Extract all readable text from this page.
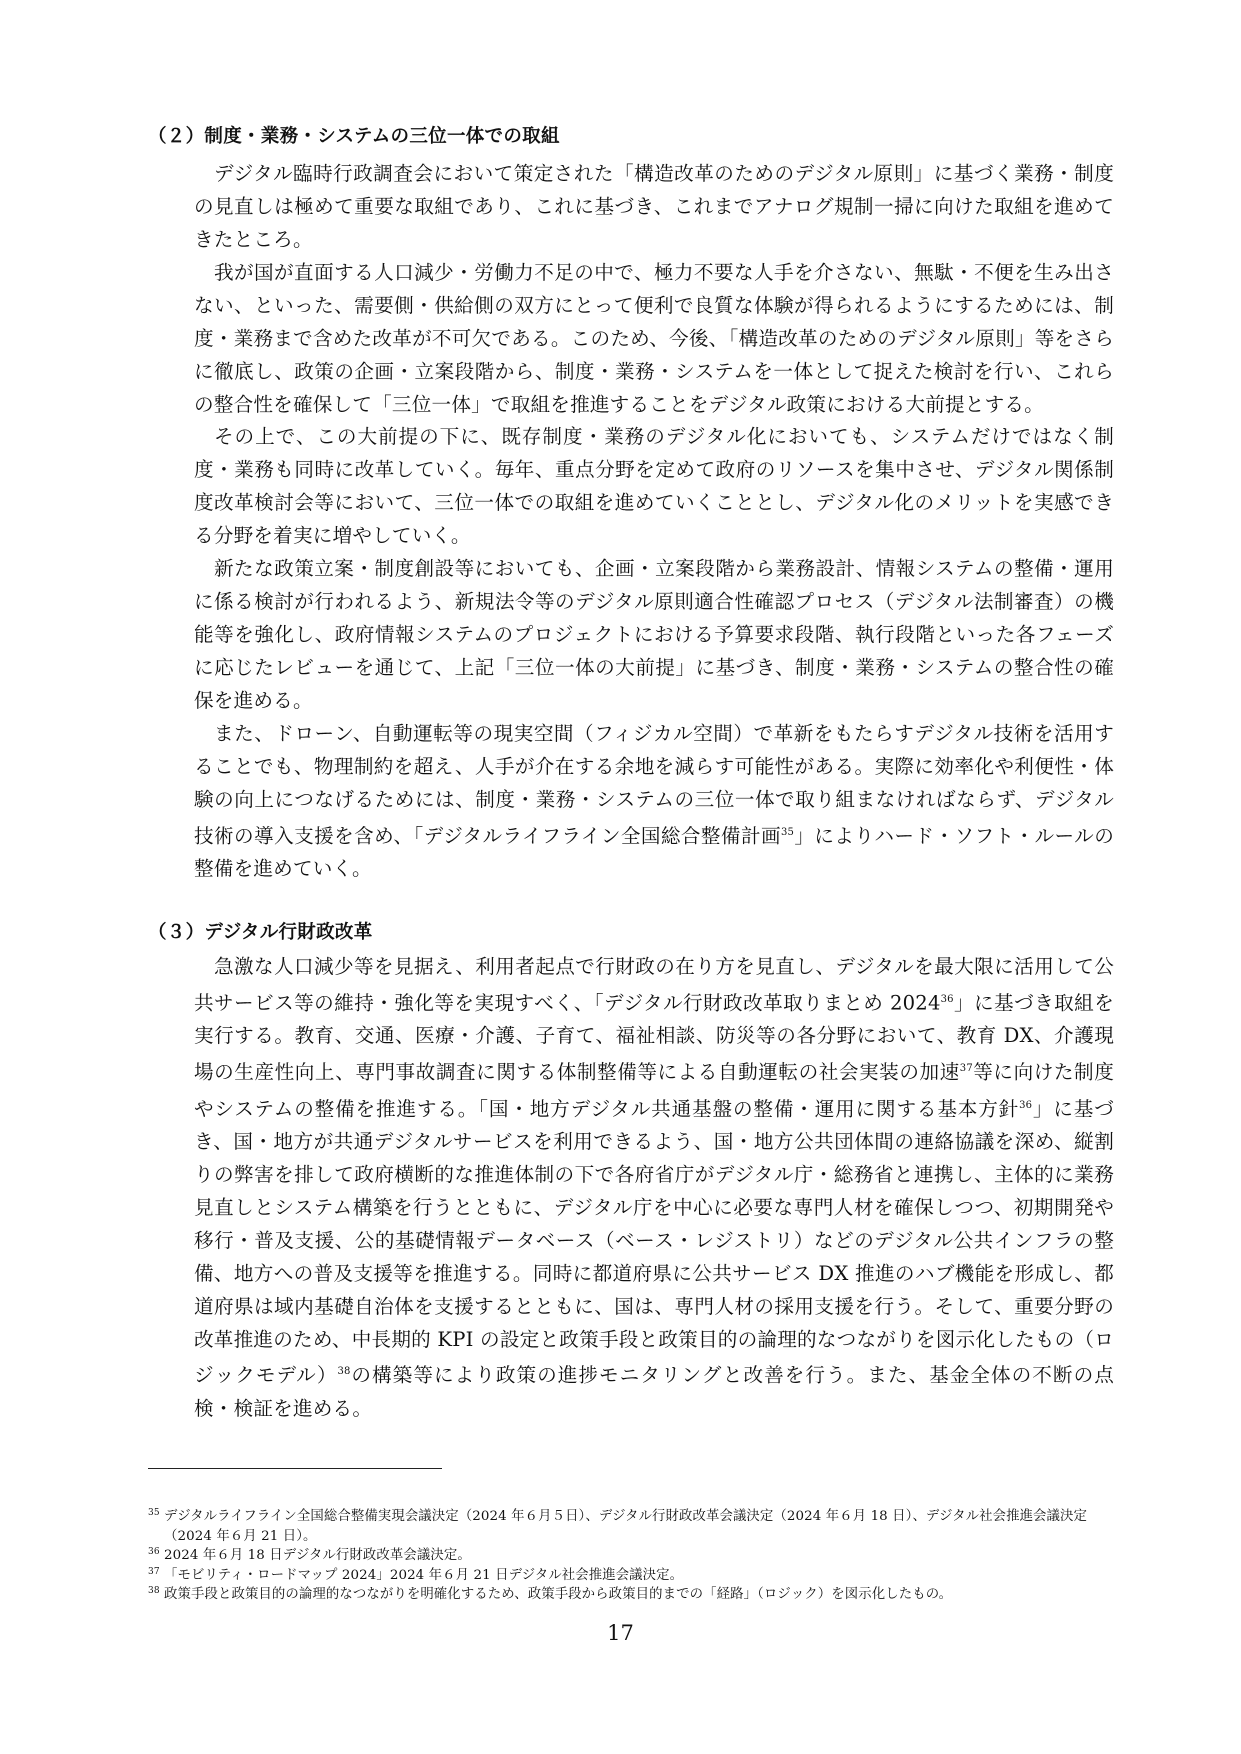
（２）制度・業務・システムの三位一体での取組

デジタル臨時行政調査会において策定された「構造改革のためのデジタル原則」に基づく業務・制度の見直しは極めて重要な取組であり、これに基づき、これまでアナログ規制一掃に向けた取組を進めてきたところ。

我が国が直面する人口減少・労働力不足の中で、極力不要な人手を介さない、無駄・不便を生み出さない、といった、需要側・供給側の双方にとって便利で良質な体験が得られるようにするためには、制度・業務まで含めた改革が不可欠である。このため、今後、「構造改革のためのデジタル原則」等をさらに徹底し、政策の企画・立案段階から、制度・業務・システムを一体として捉えた検討を行い、これらの整合性を確保して「三位一体」で取組を推進することをデジタル政策における大前提とする。

その上で、この大前提の下に、既存制度・業務のデジタル化においても、システムだけではなく制度・業務も同時に改革していく。毎年、重点分野を定めて政府のリソースを集中させ、デジタル関係制度改革検討会等において、三位一体での取組を進めていくこととし、デジタル化のメリットを実感できる分野を着実に増やしていく。

新たな政策立案・制度創設等においても、企画・立案段階から業務設計、情報システムの整備・運用に係る検討が行われるよう、新規法令等のデジタル原則適合性確認プロセス（デジタル法制審査）の機能等を強化し、政府情報システムのプロジェクトにおける予算要求段階、執行段階といった各フェーズに応じたレビューを通じて、上記「三位一体の大前提」に基づき、制度・業務・システムの整合性の確保を進める。

また、ドローン、自動運転等の現実空間（フィジカル空間）で革新をもたらすデジタル技術を活用することでも、物理制約を超え、人手が介在する余地を減らす可能性がある。実際に効率化や利便性・体験の向上につなげるためには、制度・業務・システムの三位一体で取り組まなければならず、デジタル技術の導入支援を含め、「デジタルライフライン全国総合整備計画$^{35}$」によりハード・ソフト・ルールの整備を進めていく。

（３）デジタル行財政改革

急激な人口減少等を見据え、利用者起点で行財政の在り方を見直し、デジタルを最大限に活用して公共サービス等の維持・強化等を実現すべく、「デジタル行財政改革取りまとめ 2024$^{36}$」に基づき取組を実行する。教育、交通、医療・介護、子育て、福祉相談、防災等の各分野において、教育 DX、介護現場の生産性向上、専門事故調査に関する体制整備等による自動運転の社会実装の加速$^{37}$等に向けた制度やシステムの整備を推進する。「国・地方デジタル共通基盤の整備・運用に関する基本方針$^{36}$」に基づき、国・地方が共通デジタルサービスを利用できるよう、国・地方公共団体間の連絡協議を深め、縦割りの弊害を排して政府横断的な推進体制の下で各府省庁がデジタル庁・総務省と連携し、主体的に業務見直しとシステム構築を行うとともに、デジタル庁を中心に必要な専門人材を確保しつつ、初期開発や移行・普及支援、公的基礎情報データベース（ベース・レジストリ）などのデジタル公共インフラの整備、地方への普及支援等を推進する。同時に都道府県に公共サービス DX 推進のハブ機能を形成し、都道府県は域内基礎自治体を支援するとともに、国は、専門人材の採用支援を行う。そして、重要分野の改革推進のため、中長期的 KPI の設定と政策手段と政策目的の論理的なつながりを図示化したもの（ロジックモデル）$^{38}$の構築等により政策の進捗モニタリングと改善を行う。また、基金全体の不断の点検・検証を進める。

35 デジタルライフライン全国総合整備実現会議決定（2024 年６月５日）、デジタル行財政改革会議決定（2024 年６月 18 日）、デジタル社会推進会議決定（2024 年６月 21 日）。

36 2024 年６月 18 日デジタル行財政改革会議決定。

37 「モビリティ・ロードマップ 2024」2024 年６月 21 日デジタル社会推進会議決定。

38 政策手段と政策目的の論理的なつながりを明確化するため、政策手段から政策目的までの「経路」（ロジック）を図示化したもの。

17
